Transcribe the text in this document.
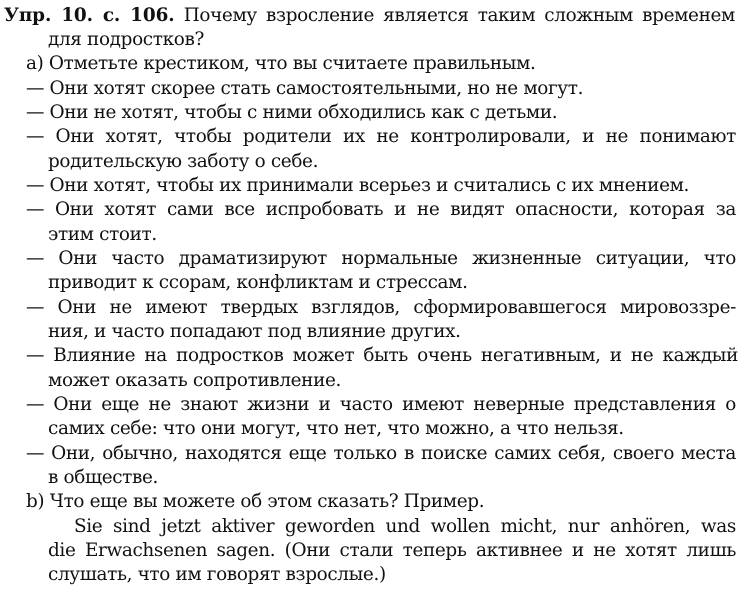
Упр. 10. с. 106. Почему взросление является таким сложным временем
для подростков?
а) Отметьте крестиком, что вы считаете правильным.
— Они хотят скорее стать самостоятельными, но не могут.
— Они не хотят, чтобы с ними обходились как с детьми.
— Они хотят, чтобы родители их не контролировали, и не понимают
родительскую заботу о себе.
— Они хотят, чтобы их принимали всерьез и считались с их мнением.
— Они хотят сами все испробовать и не видят опасности, которая за
этим стоит.
— Они часто драматизируют нормальные жизненные ситуации, что
приводит к ссорам, конфликтам и стрессам.
— Они не имеют твердых взглядов, сформировавшегося мировоззре-
ния, и часто попадают под влияние других.
— Влияние на подростков может быть очень негативным, и не каждый
может оказать сопротивление.
— Они еще не знают жизни и часто имеют неверные представления о
самих себе: что они могут, что нет, что можно, а что нельзя.
— Они, обычно, находятся еще только в поиске самих себя, своего места
в обществе.
b) Что еще вы можете об этом сказать? Пример.
Sie sind jetzt aktiver geworden und wollen micht, nur anhören, was
die Erwachsenen sagen. (Они стали теперь активнее и не хотят лишь
слушать, что им говорят взрослые.)
